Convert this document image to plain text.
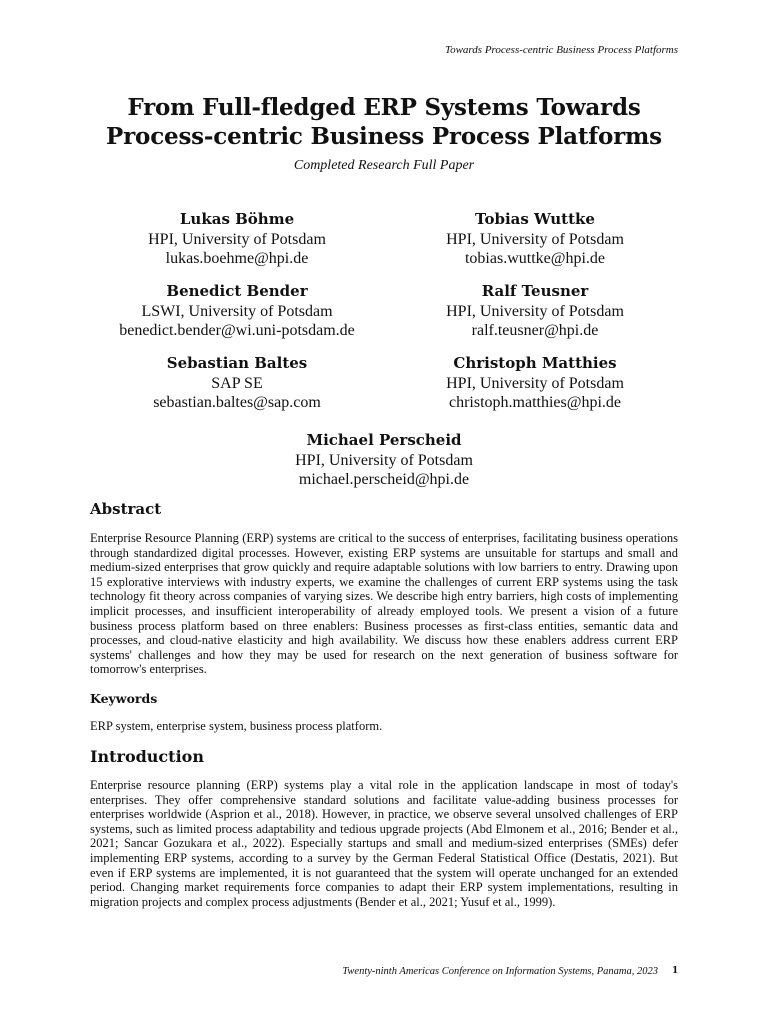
Towards Process-centric Business Process Platforms
From Full-fledged ERP Systems Towards
Process-centric Business Process Platforms
Completed Research Full Paper
Lukas Böhme
HPI, University of Potsdam
lukas.boehme@hpi.de
Tobias Wuttke
HPI, University of Potsdam
tobias.wuttke@hpi.de
Benedict Bender
LSWI, University of Potsdam
benedict.bender@wi.uni-potsdam.de
Ralf Teusner
HPI, University of Potsdam
ralf.teusner@hpi.de
Sebastian Baltes
SAP SE
sebastian.baltes@sap.com
Christoph Matthies
HPI, University of Potsdam
christoph.matthies@hpi.de
Michael Perscheid
HPI, University of Potsdam
michael.perscheid@hpi.de
Abstract

Enterprise Resource Planning (ERP) systems are critical to the success of enterprises, facilitating business operations through standardized digital processes. However, existing ERP systems are unsuitable for startups and small and medium-sized enterprises that grow quickly and require adaptable solutions with low barriers to entry. Drawing upon 15 explorative interviews with industry experts, we examine the challenges of current ERP systems using the task technology fit theory across companies of varying sizes. We describe high entry barriers, high costs of implementing implicit processes, and insufficient interoperability of already employed tools. We present a vision of a future business process platform based on three enablers: Business processes as first-class entities, semantic data and processes, and cloud-native elasticity and high availability. We discuss how these enablers address current ERP systems' challenges and how they may be used for research on the next generation of business software for tomorrow's enterprises.

Keywords

ERP system, enterprise system, business process platform.

Introduction

Enterprise resource planning (ERP) systems play a vital role in the application landscape in most of today's enterprises. They offer comprehensive standard solutions and facilitate value-adding business processes for enterprises worldwide (Asprion et al., 2018). However, in practice, we observe several unsolved challenges of ERP systems, such as limited process adaptability and tedious upgrade projects (Abd Elmonem et al., 2016; Bender et al., 2021; Sancar Gozukara et al., 2022). Especially startups and small and medium-sized enterprises (SMEs) defer implementing ERP systems, according to a survey by the German Federal Statistical Office (Destatis, 2021). But even if ERP systems are implemented, it is not guaranteed that the system will operate unchanged for an extended period. Changing market requirements force companies to adapt their ERP system implementations, resulting in migration projects and complex process adjustments (Bender et al., 2021; Yusuf et al., 1999).

Twenty-ninth Americas Conference on Information Systems, Panama, 2023 1
